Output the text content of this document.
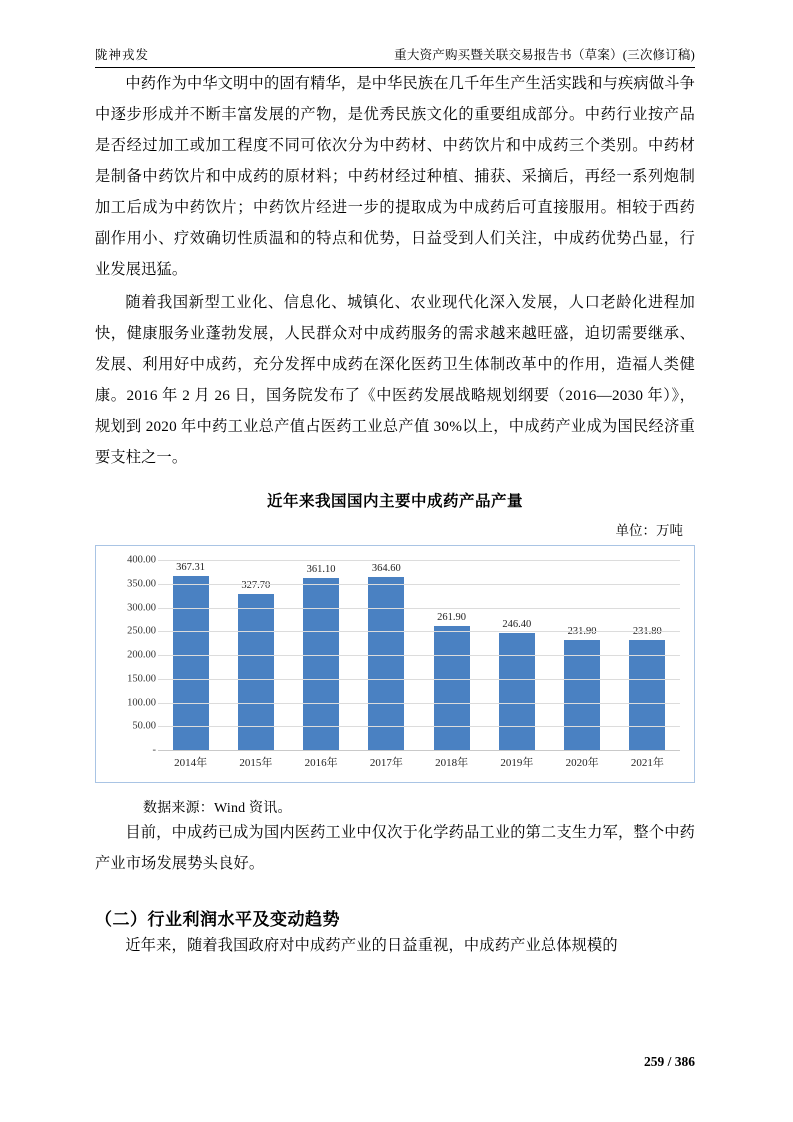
陇神戎发	重大资产购买暨关联交易报告书（草案）(三次修订稿)

中药作为中华文明中的固有精华，是中华民族在几千年生产生活实践和与疾病做斗争中逐步形成并不断丰富发展的产物，是优秀民族文化的重要组成部分。中药行业按产品是否经过加工或加工程度不同可依次分为中药材、中药饮片和中成药三个类别。中药材是制备中药饮片和中成药的原材料；中药材经过种植、捕获、采摘后，再经一系列炮制加工后成为中药饮片；中药饮片经进一步的提取成为中成药后可直接服用。相较于西药副作用小、疗效确切性质温和的特点和优势，日益受到人们关注，中成药优势凸显，行业发展迅猛。

随着我国新型工业化、信息化、城镇化、农业现代化深入发展，人口老龄化进程加快，健康服务业蓬勃发展，人民群众对中成药服务的需求越来越旺盛，迫切需要继承、发展、利用好中成药，充分发挥中成药在深化医药卫生体制改革中的作用，造福人类健康。2016 年 2 月 26 日，国务院发布了《中医药发展战略规划纲要（2016—2030 年）》，规划到 2020 年中药工业总产值占医药工业总产值 30%以上，中成药产业成为国民经济重要支柱之一。

近年来我国国内主要中成药产品产量
单位：万吨
400.00
350.00
300.00
250.00
200.00
150.00
100.00
50.00
-
367.31
327.70
361.10	364.60
261.90
246.40
231.90	231.80
2014年	2015年	2016年	2017年	2018年	2019年	2020年	2021年
数据来源：Wind 资讯。

目前，中成药已成为国内医药工业中仅次于化学药品工业的第二支生力军，整个中药产业市场发展势头良好。

（二）行业利润水平及变动趋势

近年来，随着我国政府对中成药产业的日益重视，中成药产业总体规模的

259 / 386
